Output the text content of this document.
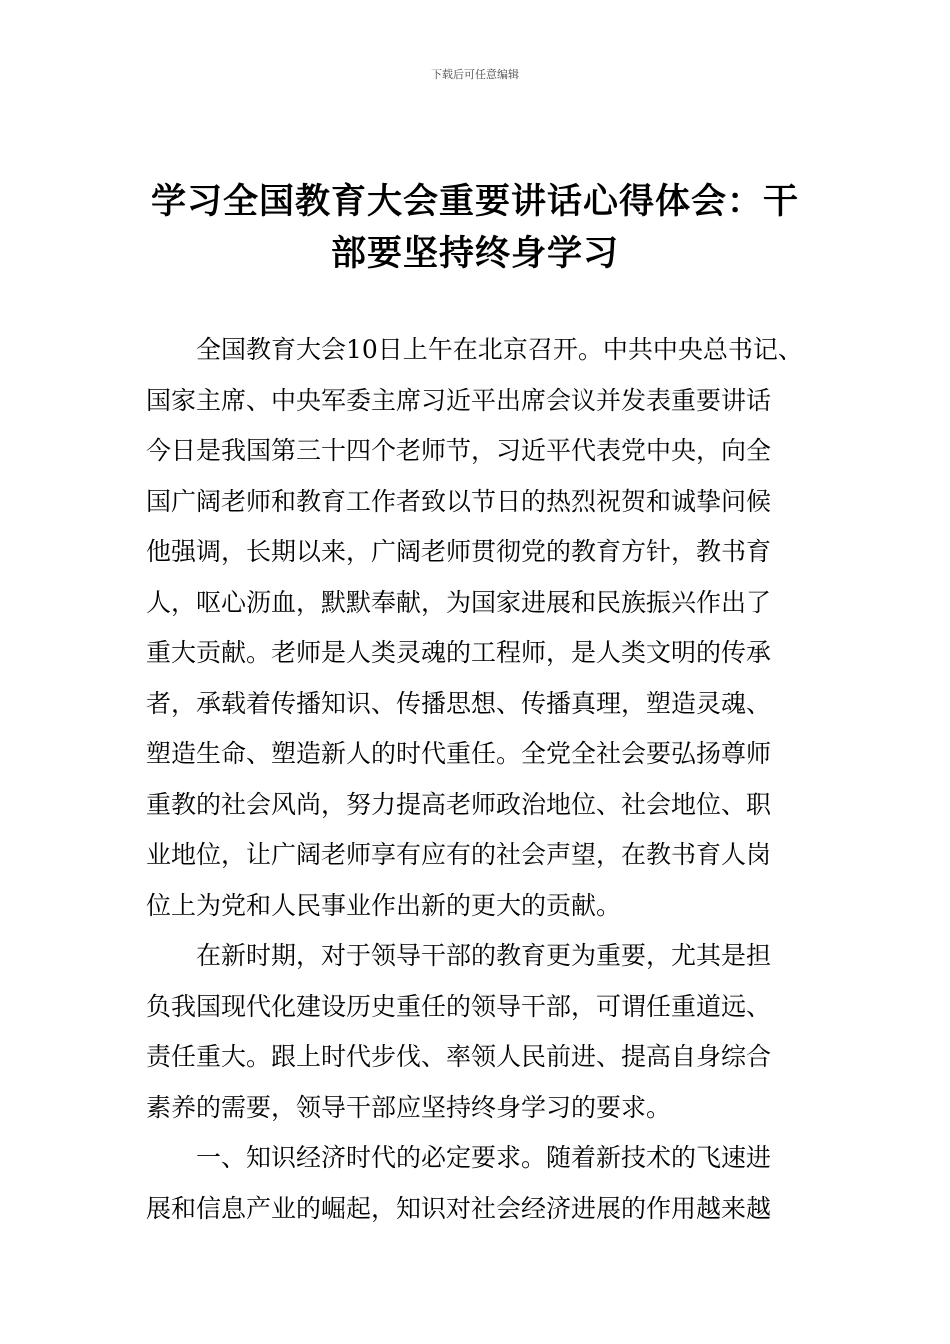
下载后可任意编辑
学习全国教育大会重要讲话心得体会：干
部要坚持终身学习
全国教育大会10日上午在北京召开。中共中央总书记、
国家主席、中央军委主席习近平出席会议并发表重要讲话
今日是我国第三十四个老师节，习近平代表党中央，向全
国广阔老师和教育工作者致以节日的热烈祝贺和诚挚问候
他强调，长期以来，广阔老师贯彻党的教育方针，教书育
人，呕心沥血，默默奉献，为国家进展和民族振兴作出了
重大贡献。老师是人类灵魂的工程师，是人类文明的传承
者，承载着传播知识、传播思想、传播真理，塑造灵魂、
塑造生命、塑造新人的时代重任。全党全社会要弘扬尊师
重教的社会风尚，努力提高老师政治地位、社会地位、职
业地位，让广阔老师享有应有的社会声望，在教书育人岗
位上为党和人民事业作出新的更大的贡献。
在新时期，对于领导干部的教育更为重要，尤其是担
负我国现代化建设历史重任的领导干部，可谓任重道远、
责任重大。跟上时代步伐、率领人民前进、提高自身综合
素养的需要，领导干部应坚持终身学习的要求。
一、知识经济时代的必定要求。随着新技术的飞速进
展和信息产业的崛起，知识对社会经济进展的作用越来越
